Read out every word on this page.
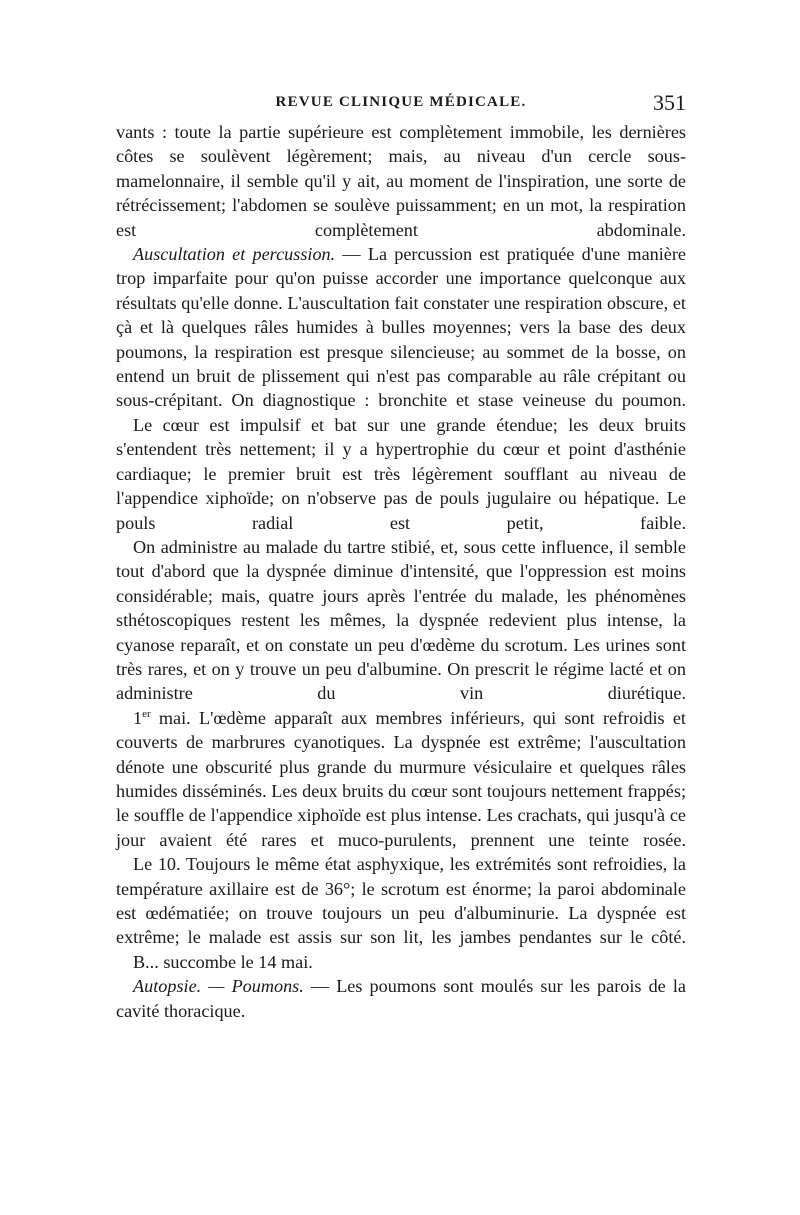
REVUE CLINIQUE MÉDICALE.	351

vants : toute la partie supérieure est complètement immobile, les dernières côtes se soulèvent légèrement; mais, au niveau d'un cercle sous-mamelonnaire, il semble qu'il y ait, au moment de l'inspiration, une sorte de rétrécissement; l'abdomen se soulève puissamment; en un mot, la respiration est complètement abdominale.

Auscultation et percussion. — La percussion est pratiquée d'une manière trop imparfaite pour qu'on puisse accorder une importance quelconque aux résultats qu'elle donne. L'auscultation fait constater une respiration obscure, et çà et là quelques râles humides à bulles moyennes; vers la base des deux poumons, la respiration est presque silencieuse; au sommet de la bosse, on entend un bruit de plissement qui n'est pas comparable au râle crépitant ou sous-crépitant. On diagnostique : bronchite et stase veineuse du poumon.

Le cœur est impulsif et bat sur une grande étendue; les deux bruits s'entendent très nettement; il y a hypertrophie du cœur et point d'asthénie cardiaque; le premier bruit est très légèrement soufflant au niveau de l'appendice xiphoïde; on n'observe pas de pouls jugulaire ou hépatique. Le pouls radial est petit, faible.

On administre au malade du tartre stibié, et, sous cette influence, il semble tout d'abord que la dyspnée diminue d'intensité, que l'oppression est moins considérable; mais, quatre jours après l'entrée du malade, les phénomènes sthétoscopiques restent les mêmes, la dyspnée redevient plus intense, la cyanose reparaît, et on constate un peu d'œdème du scrotum. Les urines sont très rares, et on y trouve un peu d'albumine. On prescrit le régime lacté et on administre du vin diurétique.

1er mai. L'œdème apparaît aux membres inférieurs, qui sont refroidis et couverts de marbrures cyanotiques. La dyspnée est extrême; l'auscultation dénote une obscurité plus grande du murmure vésiculaire et quelques râles humides disséminés. Les deux bruits du cœur sont toujours nettement frappés; le souffle de l'appendice xiphoïde est plus intense. Les crachats, qui jusqu'à ce jour avaient été rares et muco-purulents, prennent une teinte rosée.

Le 10. Toujours le même état asphyxique, les extrémités sont refroidies, la température axillaire est de 36°; le scrotum est énorme; la paroi abdominale est œdématiée; on trouve toujours un peu d'albuminurie. La dyspnée est extrême; le malade est assis sur son lit, les jambes pendantes sur le côté.

B... succombe le 14 mai.

Autopsie. — Poumons. — Les poumons sont moulés sur les parois de la cavité thoracique.
